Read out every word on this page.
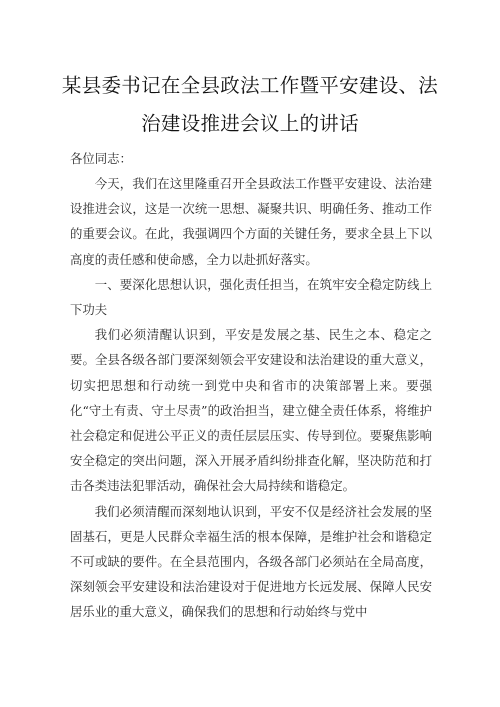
某县委书记在全县政法工作暨平安建设、法
治建设推进会议上的讲话
各位同志：

今天，我们在这里隆重召开全县政法工作暨平安建设、法治建设推进会议，这是一次统一思想、凝聚共识、明确任务、推动工作的重要会议。在此，我强调四个方面的关键任务，要求全县上下以高度的责任感和使命感，全力以赴抓好落实。

一、要深化思想认识，强化责任担当，在筑牢安全稳定防线上下功夫

我们必须清醒认识到，平安是发展之基、民生之本、稳定之要。全县各级各部门要深刻领会平安建设和法治建设的重大意义，切实把思想和行动统一到党中央和省市的决策部署上来。要强化“守土有责、守土尽责”的政治担当，建立健全责任体系，将维护社会稳定和促进公平正义的责任层层压实、传导到位。要聚焦影响安全稳定的突出问题，深入开展矛盾纠纷排查化解，坚决防范和打击各类违法犯罪活动，确保社会大局持续和谐稳定。

我们必须清醒而深刻地认识到，平安不仅是经济社会发展的坚固基石，更是人民群众幸福生活的根本保障，是维护社会和谐稳定不可或缺的要件。在全县范围内，各级各部门必须站在全局高度，深刻领会平安建设和法治建设对于促进地方长远发展、保障人民安居乐业的重大意义，确保我们的思想和行动始终与党中
